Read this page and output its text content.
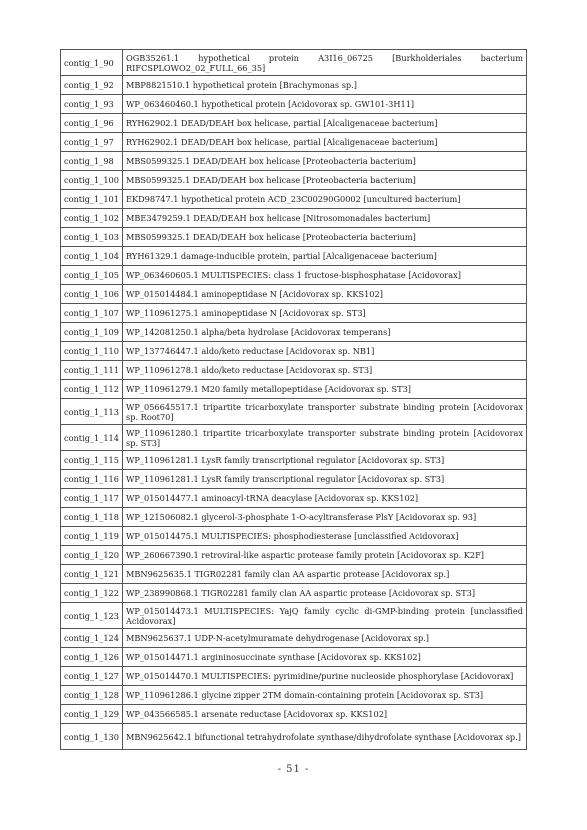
contig_1_90	OGB35261.1 hypothetical protein A3I16_06725 [Burkholderiales bacterium RIFCSPLOWO2_02_FULL_66_35]
contig_1_92	MBP8821510.1 hypothetical protein [Brachymonas sp.]
contig_1_93	WP_063460460.1 hypothetical protein [Acidovorax sp. GW101-3H11]
contig_1_96	RYH62902.1 DEAD/DEAH box helicase, partial [Alcaligenaceae bacterium]
contig_1_97	RYH62902.1 DEAD/DEAH box helicase, partial [Alcaligenaceae bacterium]
contig_1_98	MBS0599325.1 DEAD/DEAH box helicase [Proteobacteria bacterium]
contig_1_100	MBS0599325.1 DEAD/DEAH box helicase [Proteobacteria bacterium]
contig_1_101	EKD98747.1 hypothetical protein ACD_23C00290G0002 [uncultured bacterium]
contig_1_102	MBE3479259.1 DEAD/DEAH box helicase [Nitrosomonadales bacterium]
contig_1_103	MBS0599325.1 DEAD/DEAH box helicase [Proteobacteria bacterium]
contig_1_104	RYH61329.1 damage-inducible protein, partial [Alcaligenaceae bacterium]
contig_1_105	WP_063460605.1 MULTISPECIES: class 1 fructose-bisphosphatase [Acidovorax]
contig_1_106	WP_015014484.1 aminopeptidase N [Acidovorax sp. KKS102]
contig_1_107	WP_110961275.1 aminopeptidase N [Acidovorax sp. ST3]
contig_1_109	WP_142081250.1 alpha/beta hydrolase [Acidovorax temperans]
contig_1_110	WP_137746447.1 aldo/keto reductase [Acidovorax sp. NB1]
contig_1_111	WP_110961278.1 aldo/keto reductase [Acidovorax sp. ST3]
contig_1_112	WP_110961279.1 M20 family metallopeptidase [Acidovorax sp. ST3]
contig_1_113	WP_056645517.1 tripartite tricarboxylate transporter substrate binding protein [Acidovorax sp. Root70]
contig_1_114	WP_110961280.1 tripartite tricarboxylate transporter substrate binding protein [Acidovorax sp. ST3]
contig_1_115	WP_110961281.1 LysR family transcriptional regulator [Acidovorax sp. ST3]
contig_1_116	WP_110961281.1 LysR family transcriptional regulator [Acidovorax sp. ST3]
contig_1_117	WP_015014477.1 aminoacyl-tRNA deacylase [Acidovorax sp. KKS102]
contig_1_118	WP_121506082.1 glycerol-3-phosphate 1-O-acyltransferase PlsY [Acidovorax sp. 93]
contig_1_119	WP_015014475.1 MULTISPECIES: phosphodiesterase [unclassified Acidovorax]
contig_1_120	WP_260667390.1 retroviral-like aspartic protease family protein [Acidovorax sp. K2F]
contig_1_121	MBN9625635.1 TIGR02281 family clan AA aspartic protease [Acidovorax sp.]
contig_1_122	WP_238990868.1 TIGR02281 family clan AA aspartic protease [Acidovorax sp. ST3]
contig_1_123	WP_015014473.1 MULTISPECIES: YajQ family cyclic di-GMP-binding protein [unclassified Acidovorax]
contig_1_124	MBN9625637.1 UDP-N-acetylmuramate dehydrogenase [Acidovorax sp.]
contig_1_126	WP_015014471.1 argininosuccinate synthase [Acidovorax sp. KKS102]
contig_1_127	WP_015014470.1 MULTISPECIES: pyrimidine/purine nucleoside phosphorylase [Acidovorax]
contig_1_128	WP_110961286.1 glycine zipper 2TM domain-containing protein [Acidovorax sp. ST3]
contig_1_129	WP_043566585.1 arsenate reductase [Acidovorax sp. KKS102]
contig_1_130	MBN9625642.1 bifunctional tetrahydrofolate synthase/dihydrofolate synthase [Acidovorax sp.]
- 51 -
